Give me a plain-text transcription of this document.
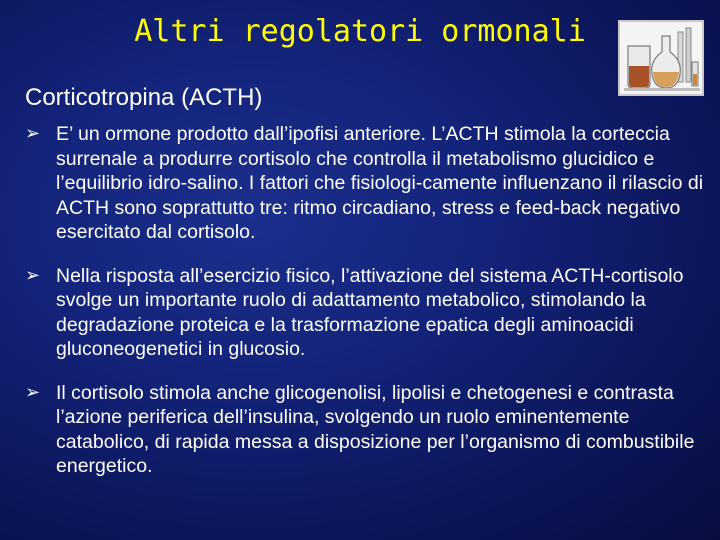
Altri regolatori ormonali
Corticotropina (ACTH)
➢ E’ un ormone prodotto dall’ipofisi anteriore. L’ACTH stimola la corteccia surrenale a produrre cortisolo che controlla il metabolismo glucidico e l’equilibrio idro-salino. I fattori che fisiologi-camente influenzano il rilascio di ACTH sono soprattutto tre: ritmo circadiano, stress e feed-back negativo esercitato dal cortisolo.
➢ Nella risposta all’esercizio fisico, l’attivazione del sistema ACTH-cortisolo svolge un importante ruolo di adattamento metabolico, stimolando la degradazione proteica e la trasformazione epatica degli aminoacidi gluconeogenetici in glucosio.
➢ Il cortisolo stimola anche glicogenolisi, lipolisi e chetogenesi e contrasta l’azione periferica dell’insulina, svolgendo un ruolo eminentemente catabolico, di rapida messa a disposizione per l’organismo di combustibile energetico.
